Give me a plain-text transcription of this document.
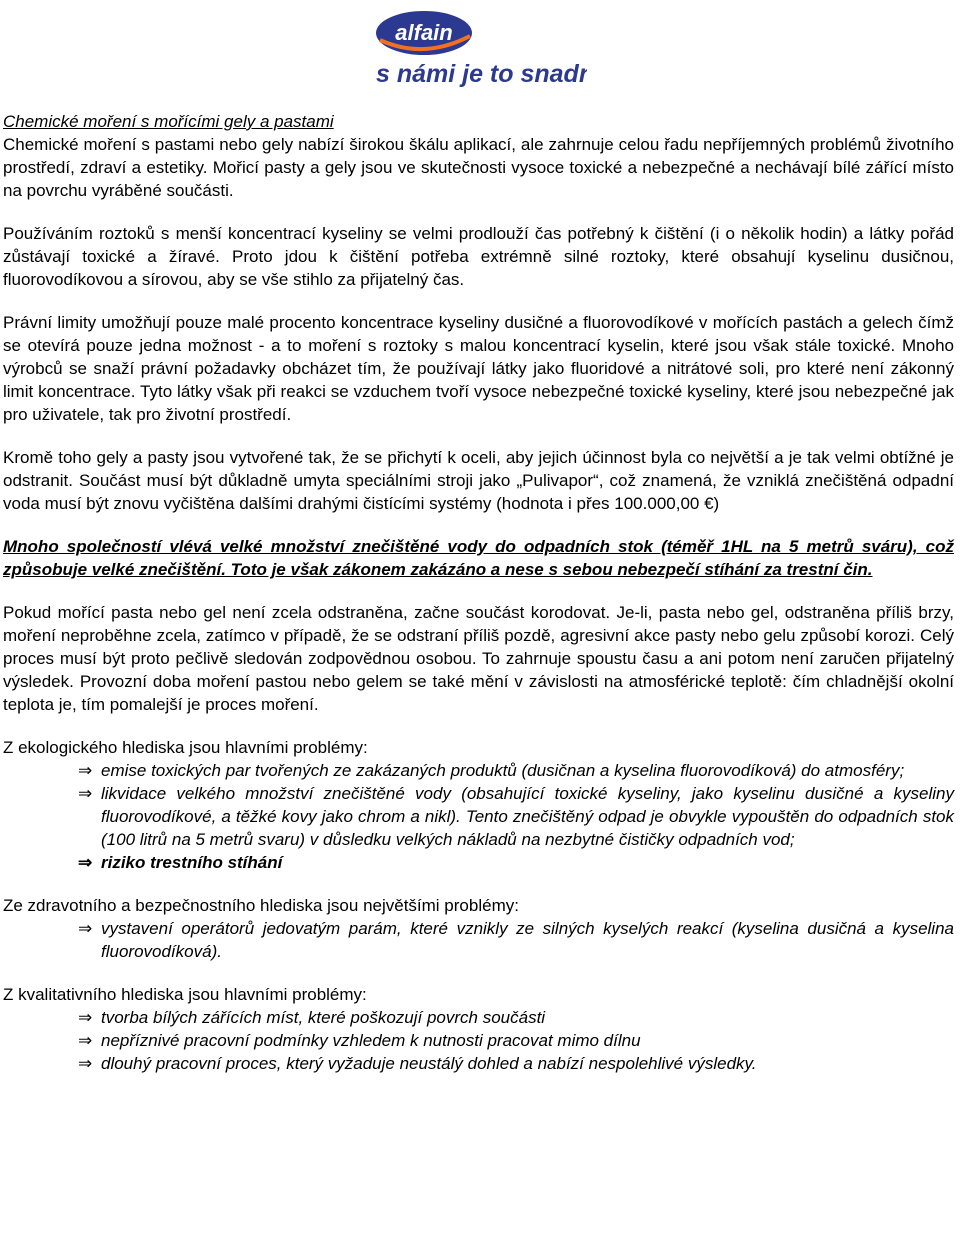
alfain
s námi je to snadné

Chemické moření s mořícími gely a pastami

Chemické moření s pastami nebo gely nabízí širokou škálu aplikací, ale zahrnuje celou řadu nepříjemných problémů životního prostředí, zdraví a estetiky. Mořicí pasty a gely jsou ve skutečnosti vysoce toxické a nebezpečné a nechávají bílé zářící místo na povrchu vyráběné součásti.

Používáním roztoků s menší koncentrací kyseliny se velmi prodlouží čas potřebný k čištění (i o několik hodin) a látky pořád zůstávají toxické a žíravé. Proto jdou k čištění potřeba extrémně silné roztoky, které obsahují kyselinu dusičnou, fluorovodíkovou a sírovou, aby se vše stihlo za přijatelný čas.

Právní limity umožňují pouze malé procento koncentrace kyseliny dusičné a fluorovodíkové v mořících pastách a gelech čímž se otevírá pouze jedna možnost - a to moření s roztoky s malou koncentrací kyselin, které jsou však stále toxické. Mnoho výrobců se snaží právní požadavky obcházet tím, že používají látky jako fluoridové a nitrátové soli, pro které není zákonný limit koncentrace. Tyto látky však při reakci se vzduchem tvoří vysoce nebezpečné toxické kyseliny, které jsou nebezpečné jak pro uživatele, tak pro životní prostředí.

Kromě toho gely a pasty jsou vytvořené tak, že se přichytí k oceli, aby jejich účinnost byla co největší a je tak velmi obtížné je odstranit. Součást musí být důkladně umyta speciálními stroji jako „Pulivapor“, což znamená, že vzniklá znečištěná odpadní voda musí být znovu vyčištěna dalšími drahými čistícími systémy (hodnota i přes 100.000,00 €)

Mnoho společností vlévá velké množství znečištěné vody do odpadních stok (téměř 1HL na 5 metrů sváru), což způsobuje velké znečištění. Toto je však zákonem zakázáno a nese s sebou nebezpečí stíhání za trestní čin.

Pokud mořící pasta nebo gel není zcela odstraněna, začne součást korodovat. Je-li, pasta nebo gel, odstraněna příliš brzy, moření neproběhne zcela, zatímco v případě, že se odstraní příliš pozdě, agresivní akce pasty nebo gelu způsobí korozi. Celý proces musí být proto pečlivě sledován zodpovědnou osobou. To zahrnuje spoustu času a ani potom není zaručen přijatelný výsledek. Provozní doba moření pastou nebo gelem se také mění v závislosti na atmosférické teplotě: čím chladnější okolní teplota je, tím pomalejší je proces moření.

Z ekologického hlediska jsou hlavními problémy:

⇒ emise toxických par tvořených ze zakázaných produktů (dusičnan a kyselina fluorovodíková) do atmosféry;
⇒ likvidace velkého množství znečištěné vody (obsahující toxické kyseliny, jako kyselinu dusičné a kyseliny fluorovodíkové, a těžké kovy jako chrom a nikl). Tento znečištěný odpad je obvykle vypouštěn do odpadních stok (100 litrů na 5 metrů svaru) v důsledku velkých nákladů na nezbytné čističky odpadních vod;
⇒ riziko trestního stíhání

Ze zdravotního a bezpečnostního hlediska jsou největšími problémy:

⇒ vystavení operátorů jedovatým parám, které vznikly ze silných kyselých reakcí (kyselina dusičná a kyselina fluorovodíková).

Z kvalitativního hlediska jsou hlavními problémy:

⇒ tvorba bílých zářících míst, které poškozují povrch součásti
⇒ nepříznivé pracovní podmínky vzhledem k nutnosti pracovat mimo dílnu
⇒ dlouhý pracovní proces, který vyžaduje neustálý dohled a nabízí nespolehlivé výsledky.
